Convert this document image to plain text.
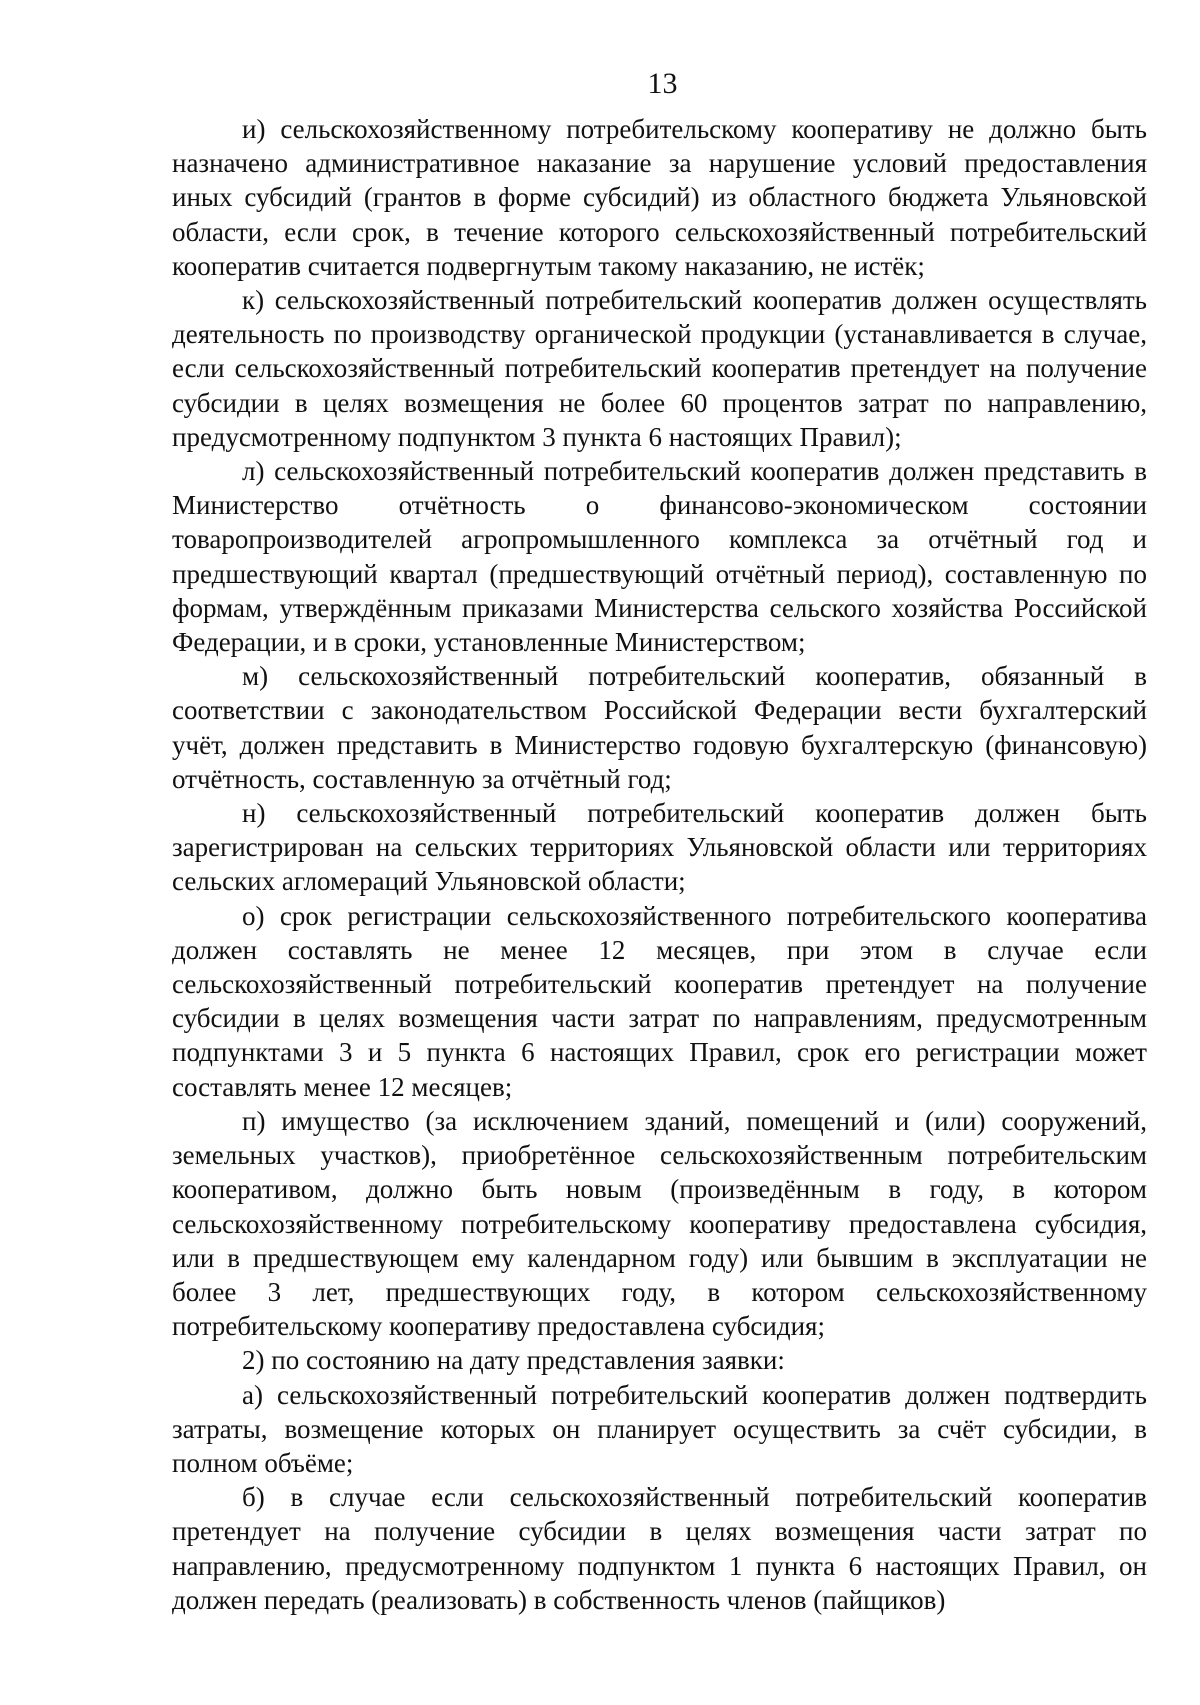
13

и) сельскохозяйственному потребительскому кооперативу не должно быть назначено административное наказание за нарушение условий предоставления иных субсидий (грантов в форме субсидий) из областного бюджета Ульяновской области, если срок, в течение которого сельскохозяйственный потребительский кооператив считается подвергнутым такому наказанию, не истёк;

к) сельскохозяйственный потребительский кооператив должен осуществлять деятельность по производству органической продукции (устанавливается в случае, если сельскохозяйственный потребительский кооператив претендует на получение субсидии в целях возмещения не более 60 процентов затрат по направлению, предусмотренному подпунктом 3 пункта 6 настоящих Правил);

л) сельскохозяйственный потребительский кооператив должен представить в Министерство отчётность о финансово-экономическом состоянии товаропроизводителей агропромышленного комплекса за отчётный год и предшествующий квартал (предшествующий отчётный период), составленную по формам, утверждённым приказами Министерства сельского хозяйства Российской Федерации, и в сроки, установленные Министерством;

м) сельскохозяйственный потребительский кооператив, обязанный в соответствии с законодательством Российской Федерации вести бухгалтерский учёт, должен представить в Министерство годовую бухгалтерскую (финансовую) отчётность, составленную за отчётный год;

н) сельскохозяйственный потребительский кооператив должен быть зарегистрирован на сельских территориях Ульяновской области или территориях сельских агломераций Ульяновской области;

о) срок регистрации сельскохозяйственного потребительского кооператива должен составлять не менее 12 месяцев, при этом в случае если сельскохозяйственный потребительский кооператив претендует на получение субсидии в целях возмещения части затрат по направлениям, предусмотренным подпунктами 3 и 5 пункта 6 настоящих Правил, срок его регистрации может составлять менее 12 месяцев;

п) имущество (за исключением зданий, помещений и (или) сооружений, земельных участков), приобретённое сельскохозяйственным потребительским кооперативом, должно быть новым (произведённым в году, в котором сельскохозяйственному потребительскому кооперативу предоставлена субсидия, или в предшествующем ему календарном году) или бывшим в эксплуатации не более 3 лет, предшествующих году, в котором сельскохозяйственному потребительскому кооперативу предоставлена субсидия;

2) по состоянию на дату представления заявки:

а) сельскохозяйственный потребительский кооператив должен подтвердить затраты, возмещение которых он планирует осуществить за счёт субсидии, в полном объёме;

б) в случае если сельскохозяйственный потребительский кооператив претендует на получение субсидии в целях возмещения части затрат по направлению, предусмотренному подпунктом 1 пункта 6 настоящих Правил, он должен передать (реализовать) в собственность членов (пайщиков)
